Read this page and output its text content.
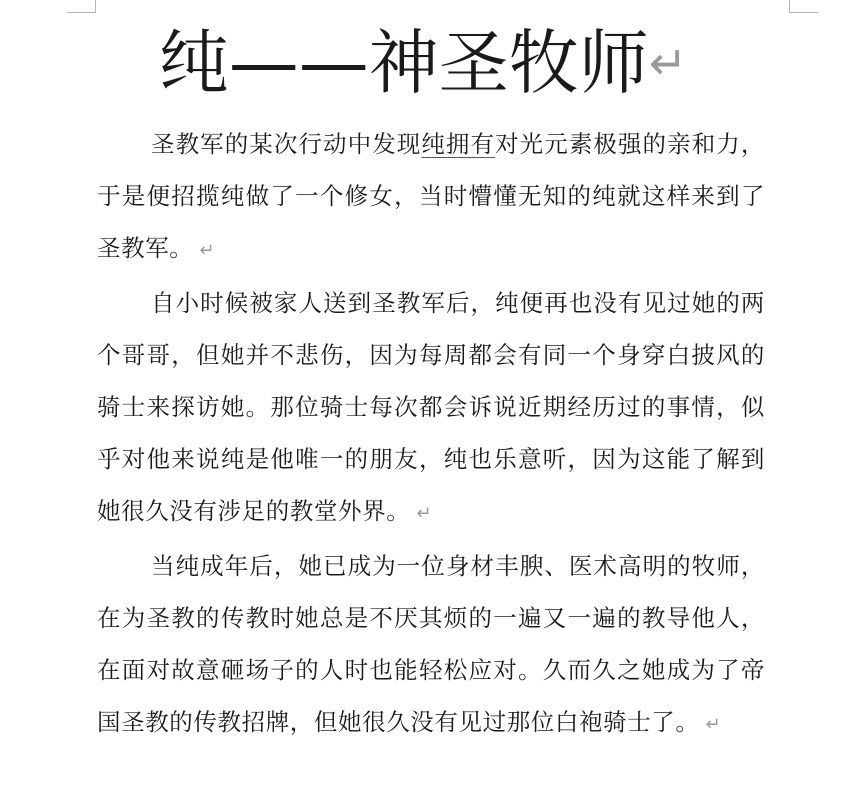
纯——神圣牧师↵

圣教军的某次行动中发现纯拥有对光元素极强的亲和力，于是便招揽纯做了一个修女，当时懵懂无知的纯就这样来到了圣教军。 ↵

自小时候被家人送到圣教军后，纯便再也没有见过她的两个哥哥，但她并不悲伤，因为每周都会有同一个身穿白披风的骑士来探访她。那位骑士每次都会诉说近期经历过的事情，似乎对他来说纯是他唯一的朋友，纯也乐意听，因为这能了解到她很久没有涉足的教堂外界。 ↵

当纯成年后，她已成为一位身材丰腴、医术高明的牧师，在为圣教的传教时她总是不厌其烦的一遍又一遍的教导他人，在面对故意砸场子的人时也能轻松应对。久而久之她成为了帝国圣教的传教招牌，但她很久没有见过那位白袍骑士了。 ↵
